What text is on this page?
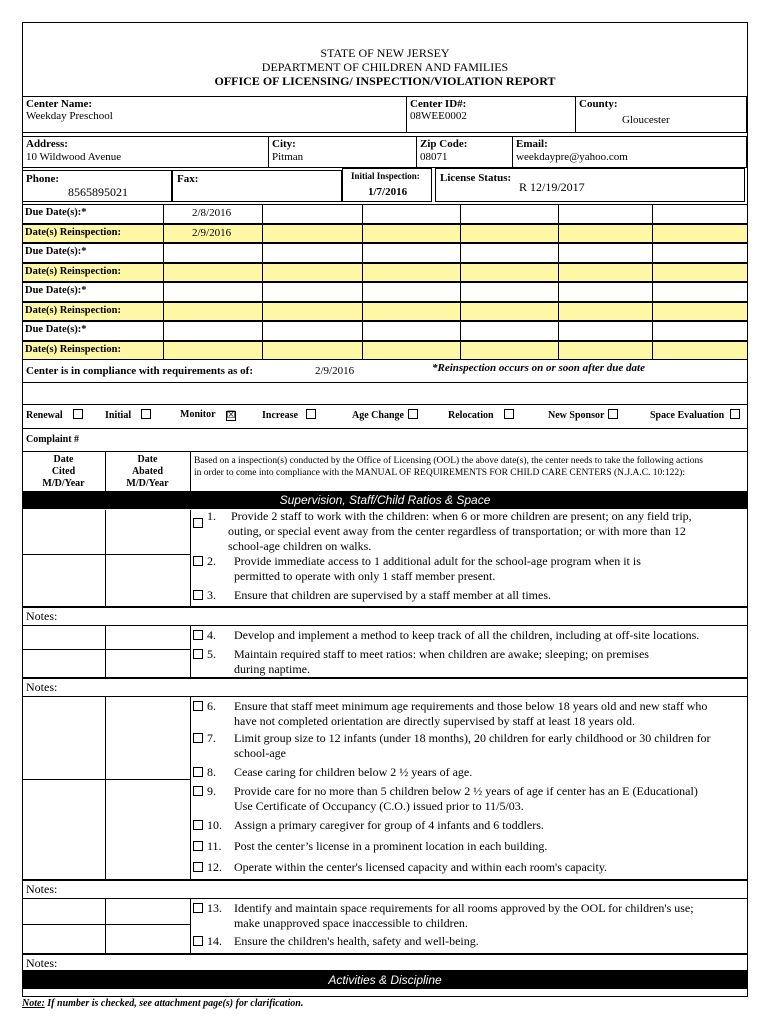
STATE OF NEW JERSEY
DEPARTMENT OF CHILDREN AND FAMILIES
OFFICE OF LICENSING/ INSPECTION/VIOLATION REPORT
Center Name:
Weekday Preschool
Center ID#:
08WEE0002
County:
Gloucester
Address:
10 Wildwood Avenue
City:
Pitman
Zip Code:
08071
Email:
weekdaypre@yahoo.com
Phone:
8565895021
Fax:	Initial Inspection:
1/7/2016
License Status:
R 12/19/2017
Due Date(s):*	2/8/2016
Date(s) Reinspection:	2/9/2016
Due Date(s):*
Date(s) Reinspection:
Due Date(s):*
Date(s) Reinspection:
Due Date(s):*
Date(s) Reinspection:
Center is in compliance with requirements as of:	2/9/2016	*Reinspection occurs on or soon after due date
Renewal	Initial	Monitor ☒	Increase	Age Change	Relocation	New Sponsor	Space Evaluation
Complaint #
Date
Cited
M/D/Year
Date
Abated
M/D/Year
Based on a inspection(s) conducted by the Office of Licensing (OOL) the above date(s), the center needs to take the following actions
in order to come into compliance with the MANUAL OF REQUIREMENTS FOR CHILD CARE CENTERS (N.J.A.C. 10:122):
Supervision, Staff/Child Ratios & Space
Notes:
Notes:
Notes:
Notes:
1. Provide 2 staff to work with the children: when 6 or more children are present; on any field trip,
outing, or special event away from the center regardless of transportation; or with more than 12
school-age children on walks.
2. Provide immediate access to 1 additional adult for the school-age program when it is
permitted to operate with only 1 staff member present.
3. Ensure that children are supervised by a staff member at all times.
4. Develop and implement a method to keep track of all the children, including at off-site locations.
5. Maintain required staff to meet ratios: when children are awake; sleeping; on premises
during naptime.
6. Ensure that staff meet minimum age requirements and those below 18 years old and new staff who
have not completed orientation are directly supervised by staff at least 18 years old.
7. Limit group size to 12 infants (under 18 months), 20 children for early childhood or 30 children for
school-age
8. Cease caring for children below 2 ½ years of age.
9. Provide care for no more than 5 children below 2 ½ years of age if center has an E (Educational)
Use Certificate of Occupancy (C.O.) issued prior to 11/5/03.
10. Assign a primary caregiver for group of 4 infants and 6 toddlers.
11. Post the center’s license in a prominent location in each building.
12. Operate within the center's licensed capacity and within each room's capacity.
13. Identify and maintain space requirements for all rooms approved by the OOL for children's use;
make unapproved space inaccessible to children.
14. Ensure the children's health, safety and well-being.
Activities & Discipline
Note: If number is checked, see attachment page(s) for clarification.
